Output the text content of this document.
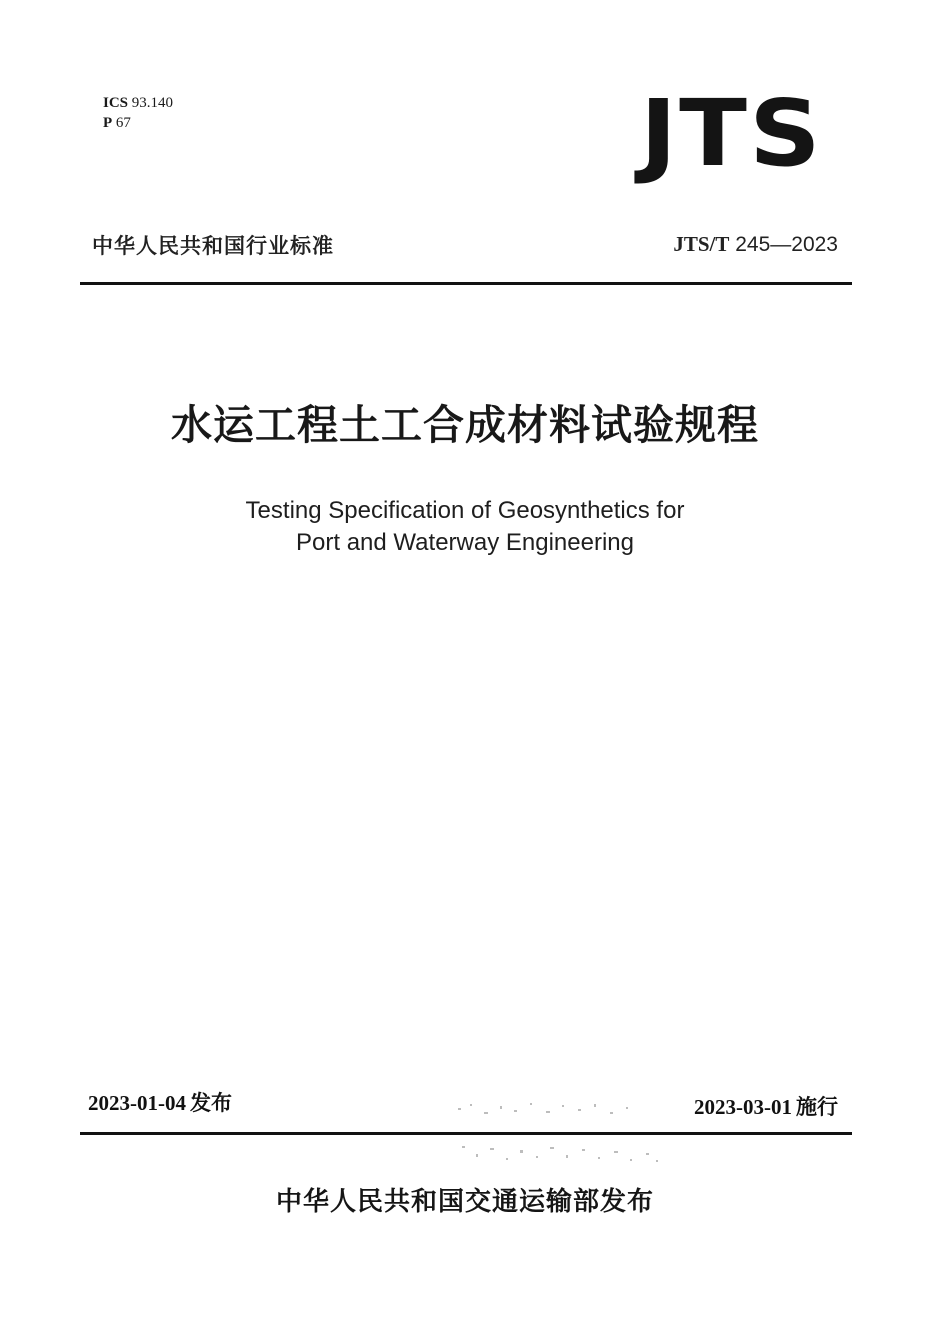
ICS 93.140
P 67	JTS
中华人民共和国行业标准	JTS/T 245—2023
水运工程土工合成材料试验规程
Testing Specification of Geosynthetics for
Port and Waterway Engineering
2023-01-04 发布	2023-03-01 施行
中华人民共和国交通运输部发布
